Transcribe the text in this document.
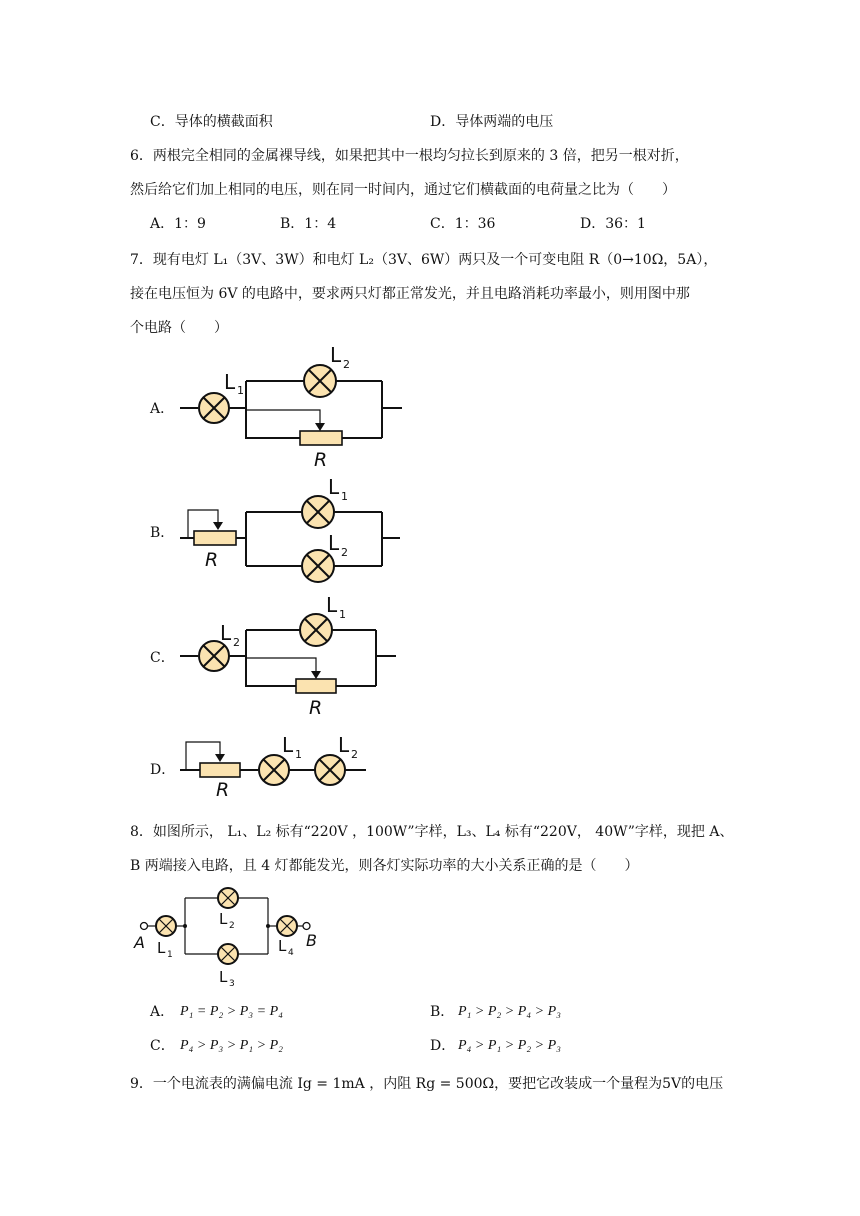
C．导体的横截面积	D．导体两端的电压
6．两根完全相同的金属裸导线，如果把其中一根均匀拉长到原来的 3 倍，把另一根对折，
然后给它们加上相同的电压，则在同一时间内，通过它们横截面的电荷量之比为（　　）
A．1：9	B．1：4	C．1：36	D．36：1
7．现有电灯 L₁（3V、3W）和电灯 L₂（3V、6W）两只及一个可变电阻 R（0→10Ω，5A），
接在电压恒为 6V 的电路中，要求两只灯都正常发光，并且电路消耗功率最小，则用图中那
个电路（　　）
A．
B．
C．
D．
L 1
L 2
R
L 1
L 2
R
L 2
L 1
R
L 1 L 2
R
A	B
L 1
L 2
L 3
L 4
8．如图所示， L₁、L₂ 标有“220V ，100W”字样，L₃、L₄ 标有“220V， 40W”字样，现把 A、
B 两端接入电路，且 4 灯都能发光，则各灯实际功率的大小关系正确的是（　　）
A． P₁ = P₂ > P₃ = P₄	B． P₁ > P₂ > P₄ > P₃
C． P₄ > P₃ > P₁ > P₂	D． P₄ > P₁ > P₂ > P₃
9．一个电流表的满偏电流 Ig = 1mA ，内阻 Rg = 500Ω，要把它改装成一个量程为5V的电压
